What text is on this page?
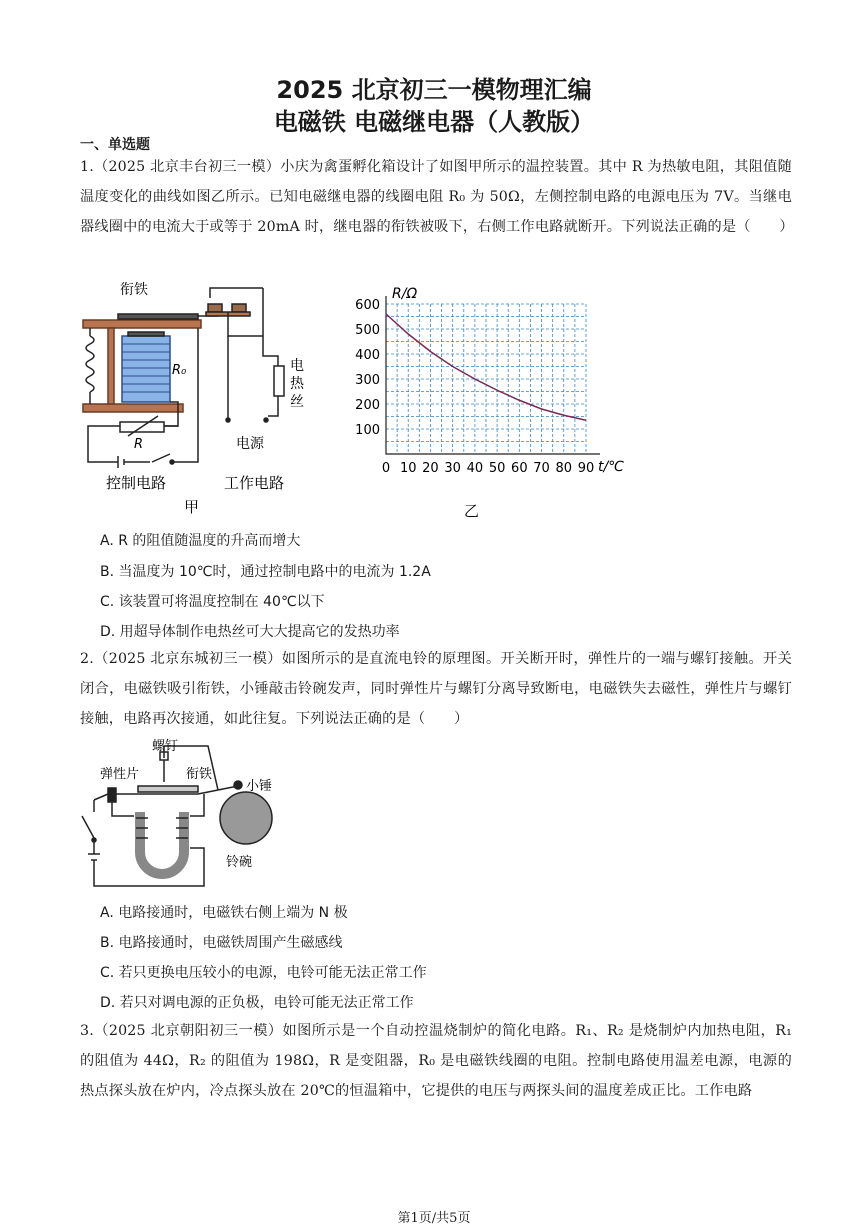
2025 北京初三一模物理汇编
电磁铁 电磁继电器（人教版）
一、单选题
1.（2025 北京丰台初三一模）小庆为禽蛋孵化箱设计了如图甲所示的温控装置。其中 R 为热敏电阻，其阻值随温度变化的曲线如图乙所示。已知电磁继电器的线圈电阻 R₀ 为 50Ω，左侧控制电路的电源电压为 7V。当继电器线圈中的电流大于或等于 20mA 时，继电器的衔铁被吸下，右侧工作电路就断开。下列说法正确的是（　　）
衔铁
R₀
R
电
热
丝
电源
控制电路	工作电路
甲
0 10 20 30 40 50 60 70 80 90
100
200
300
400
500
600
R/Ω
t/℃
乙
A. R 的阻值随温度的升高而增大
B. 当温度为 10℃时，通过控制电路中的电流为 1.2A
C. 该装置可将温度控制在 40℃以下
D. 用超导体制作电热丝可大大提高它的发热功率
2.（2025 北京东城初三一模）如图所示的是直流电铃的原理图。开关断开时，弹性片的一端与螺钉接触。开关闭合，电磁铁吸引衔铁，小锤敲击铃碗发声，同时弹性片与螺钉分离导致断电，电磁铁失去磁性，弹性片与螺钉接触，电路再次接通，如此往复。下列说法正确的是（　　）
螺钉
弹性片	衔铁
小锤
铃碗
A. 电路接通时，电磁铁右侧上端为 N 极
B. 电路接通时，电磁铁周围产生磁感线
C. 若只更换电压较小的电源，电铃可能无法正常工作
D. 若只对调电源的正负极，电铃可能无法正常工作
3.（2025 北京朝阳初三一模）如图所示是一个自动控温烧制炉的简化电路。R₁、R₂ 是烧制炉内加热电阻，R₁ 的阻值为 44Ω，R₂ 的阻值为 198Ω，R 是变阻器，R₀ 是电磁铁线圈的电阻。控制电路使用温差电源，电源的热点探头放在炉内，冷点探头放在 20℃的恒温箱中，它提供的电压与两探头间的温度差成正比。工作电路
第1页/共5页
